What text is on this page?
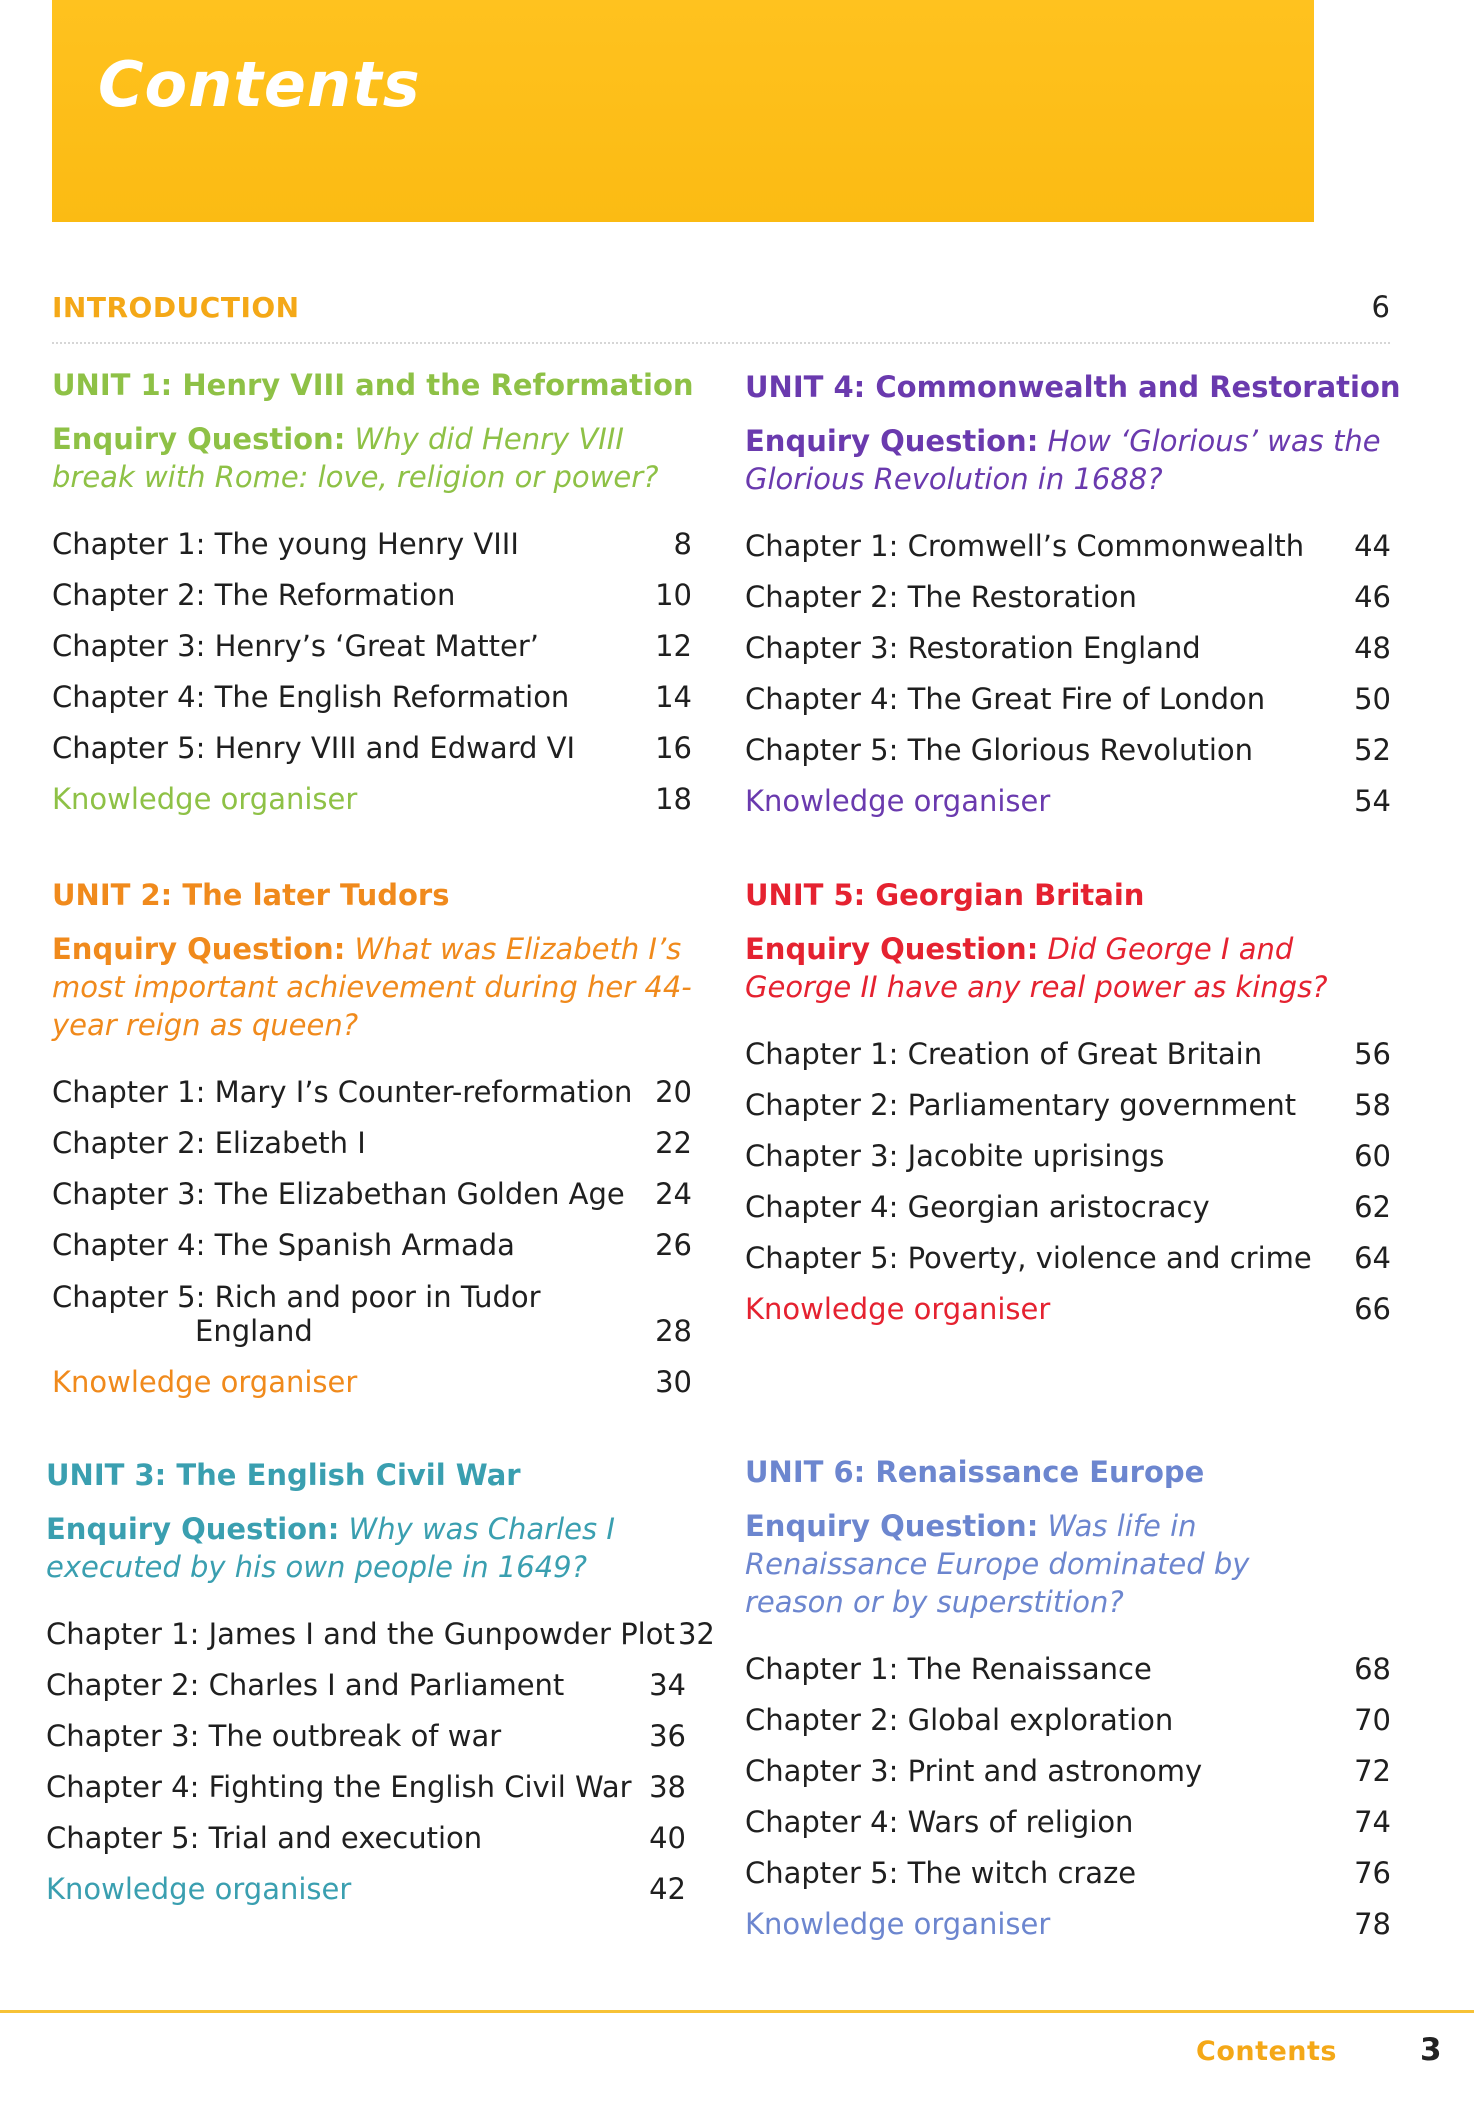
Contents
INTRODUCTION	6
UNIT 1: Henry VIII and the Reformation

Enquiry Question: Why did Henry VIII break with Rome: love, religion or power?

Chapter 1: The young Henry VIII	8
Chapter 2: The Reformation	10
Chapter 3: Henry’s ‘Great Matter’	12
Chapter 4: The English Reformation	14
Chapter 5: Henry VIII and Edward VI	16
Knowledge organiser	18
UNIT 2: The later Tudors

Enquiry Question: What was Elizabeth I’s most important achievement during her 44-year reign as queen?

Chapter 1: Mary I’s Counter-reformation 20
Chapter 2: Elizabeth I	22
Chapter 3: The Elizabethan Golden Age 24
Chapter 4: The Spanish Armada	26
Chapter 5: Rich and poor in Tudor
England	28
Knowledge organiser	30
UNIT 3: The English Civil War

Enquiry Question: Why was Charles I executed by his own people in 1649?

Chapter 1: James I and the Gunpowder Plot 32
Chapter 2: Charles I and Parliament	34
Chapter 3: The outbreak of war	36
Chapter 4: Fighting the English Civil War 38
Chapter 5: Trial and execution	40
Knowledge organiser	42
UNIT 4: Commonwealth and Restoration

Enquiry Question: How ‘Glorious’ was the Glorious Revolution in 1688?

Chapter 1: Cromwell’s Commonwealth 44
Chapter 2: The Restoration	46
Chapter 3: Restoration England	48
Chapter 4: The Great Fire of London	50
Chapter 5: The Glorious Revolution	52
Knowledge organiser	54
UNIT 5: Georgian Britain

Enquiry Question: Did George I and George II have any real power as kings?

Chapter 1: Creation of Great Britain	56
Chapter 2: Parliamentary government 58
Chapter 3: Jacobite uprisings	60
Chapter 4: Georgian aristocracy	62
Chapter 5: Poverty, violence and crime 64
Knowledge organiser	66
UNIT 6: Renaissance Europe

Enquiry Question: Was life in Renaissance Europe dominated by reason or by superstition?

Chapter 1: The Renaissance	68
Chapter 2: Global exploration	70
Chapter 3: Print and astronomy	72
Chapter 4: Wars of religion	74
Chapter 5: The witch craze	76
Knowledge organiser	78
Contents	3
